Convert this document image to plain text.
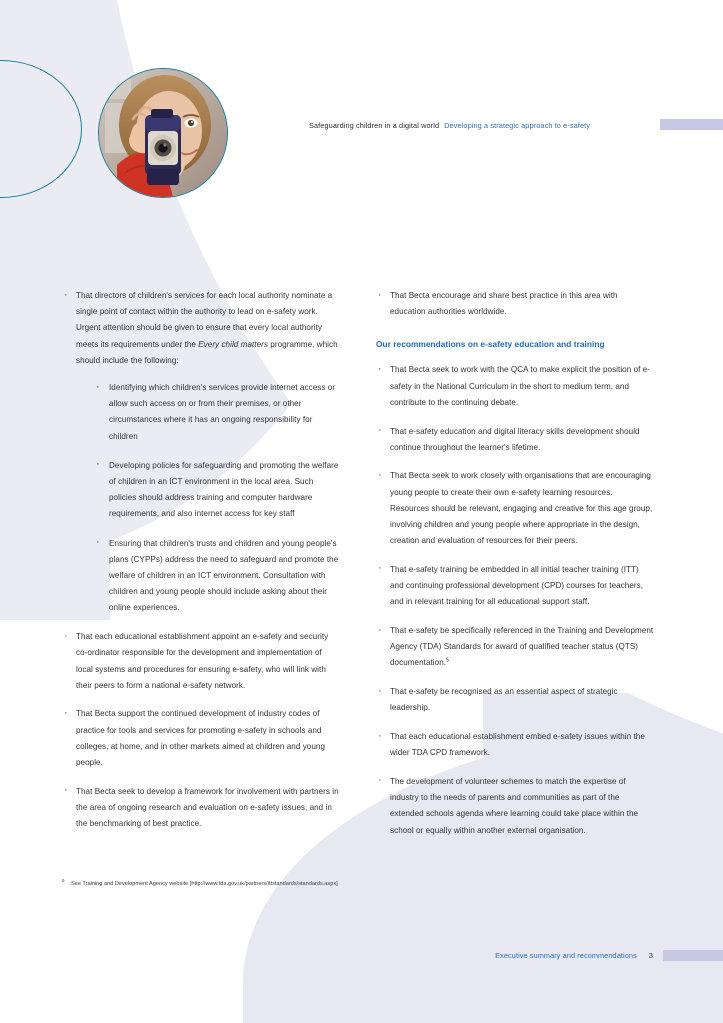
Safeguarding children in a digital world Developing a strategic approach to e-safety
· That directors of children's services for each local authority nominate a single point of contact within the authority to lead on e-safety work. Urgent attention should be given to ensure that every local authority meets its requirements under the Every child matters programme, which should include the following:
· Identifying which children's services provide internet access or allow such access on or from their premises, or other circumstances where it has an ongoing responsibility for children
· Developing policies for safeguarding and promoting the welfare of children in an ICT environment in the local area. Such policies should address training and computer hardware requirements, and also internet access for key staff
· Ensuring that children's trusts and children and young people's plans (CYPPs) address the need to safeguard and promote the welfare of children in an ICT environment. Consultation with children and young people should include asking about their online experiences.
· That each educational establishment appoint an e-safety and security co-ordinator responsible for the development and implementation of local systems and procedures for ensuring e-safety, who will link with their peers to form a national e-safety network.
· That Becta support the continued development of industry codes of practice for tools and services for promoting e-safety in schools and colleges, at home, and in other markets aimed at children and young people.
· That Becta seek to develop a framework for involvement with partners in the area of ongoing research and evaluation on e-safety issues, and in the benchmarking of best practice.
· That Becta encourage and share best practice in this area with education authorities worldwide.
Our recommendations on e-safety education and training
· That Becta seek to work with the QCA to make explicit the position of e-safety in the National Curriculum in the short to medium term, and contribute to the continuing debate.
· That e-safety education and digital literacy skills development should continue throughout the learner's lifetime.
· That Becta seek to work closely with organisations that are encouraging young people to create their own e-safety learning resources. Resources should be relevant, engaging and creative for this age group, involving children and young people where appropriate in the design, creation and evaluation of resources for their peers.
· That e-safety training be embedded in all initial teacher training (ITT) and continuing professional development (CPD) courses for teachers, and in relevant training for all educational support staff.
· That e-safety be specifically referenced in the Training and Development Agency (TDA) Standards for award of qualified teacher status (QTS) documentation.$^5$
· That e-safety be recognised as an essential aspect of strategic leadership.
· That each educational establishment embed e-safety issues within the wider TDA CPD framework.
· The development of volunteer schemes to match the expertise of industry to the needs of parents and communities as part of the extended schools agenda where learning could take place within the school or equally within another external organisation.
5
See Training and Development Agency website [http://www.tda.gov.uk/partners/ittstandards/standards.aspx]
Executive summary and recommendations 3
